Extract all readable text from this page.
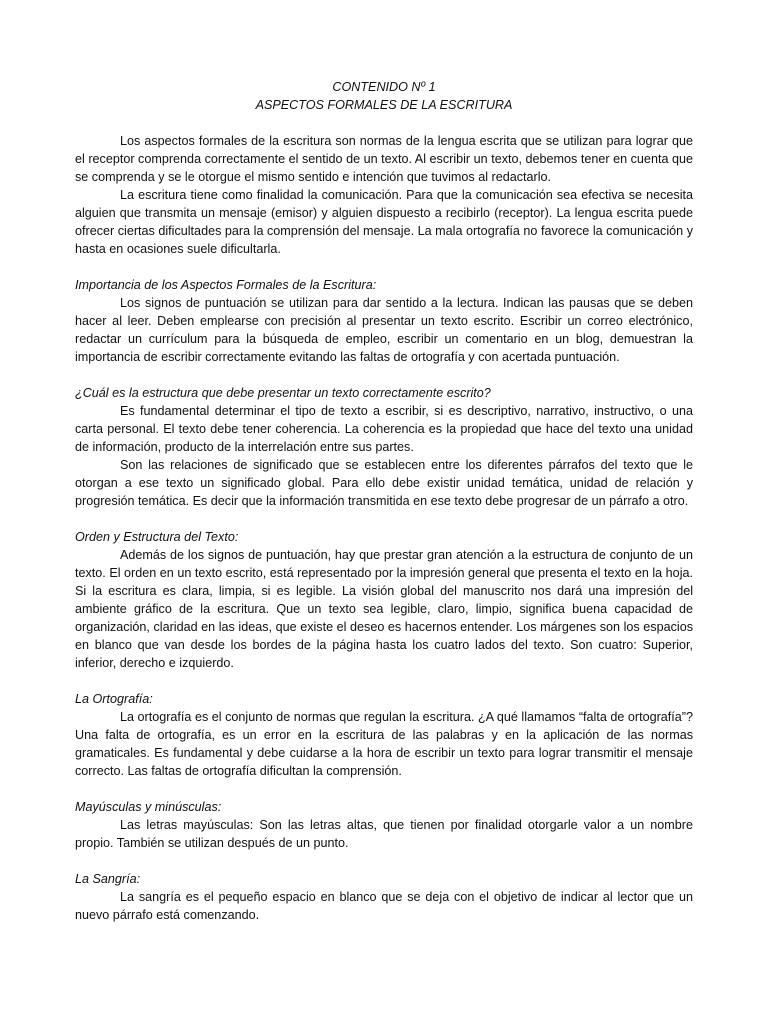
CONTENIDO Nº 1

ASPECTOS FORMALES DE LA ESCRITURA

Los aspectos formales de la escritura son normas de la lengua escrita que se utilizan para lograr que el receptor comprenda correctamente el sentido de un texto. Al escribir un texto, debemos tener en cuenta que se comprenda y se le otorgue el mismo sentido e intención que tuvimos al redactarlo.

La escritura tiene como finalidad la comunicación. Para que la comunicación sea efectiva se necesita alguien que transmita un mensaje (emisor) y alguien dispuesto a recibirlo (receptor). La lengua escrita puede ofrecer ciertas dificultades para la comprensión del mensaje. La mala ortografía no favorece la comunicación y hasta en ocasiones suele dificultarla.

Importancia de los Aspectos Formales de la Escritura:

Los signos de puntuación se utilizan para dar sentido a la lectura. Indican las pausas que se deben hacer al leer. Deben emplearse con precisión al presentar un texto escrito. Escribir un correo electrónico, redactar un currículum para la búsqueda de empleo, escribir un comentario en un blog, demuestran la importancia de escribir correctamente evitando las faltas de ortografía y con acertada puntuación.

¿Cuál es la estructura que debe presentar un texto correctamente escrito?

Es fundamental determinar el tipo de texto a escribir, si es descriptivo, narrativo, instructivo, o una carta personal. El texto debe tener coherencia. La coherencia es la propiedad que hace del texto una unidad de información, producto de la interrelación entre sus partes.

Son las relaciones de significado que se establecen entre los diferentes párrafos del texto que le otorgan a ese texto un significado global. Para ello debe existir unidad temática, unidad de relación y progresión temática. Es decir que la información transmitida en ese texto debe progresar de un párrafo a otro.

Orden y Estructura del Texto:

Además de los signos de puntuación, hay que prestar gran atención a la estructura de conjunto de un texto. El orden en un texto escrito, está representado por la impresión general que presenta el texto en la hoja. Si la escritura es clara, limpia, si es legible. La visión global del manuscrito nos dará una impresión del ambiente gráfico de la escritura. Que un texto sea legible, claro, limpio, significa buena capacidad de organización, claridad en las ideas, que existe el deseo es hacernos entender. Los márgenes son los espacios en blanco que van desde los bordes de la página hasta los cuatro lados del texto. Son cuatro: Superior, inferior, derecho e izquierdo.

La Ortografía:

La ortografía es el conjunto de normas que regulan la escritura. ¿A qué llamamos “falta de ortografía”? Una falta de ortografía, es un error en la escritura de las palabras y en la aplicación de las normas gramaticales. Es fundamental y debe cuidarse a la hora de escribir un texto para lograr transmitir el mensaje correcto. Las faltas de ortografía dificultan la comprensión.

Mayúsculas y minúsculas:

Las letras mayúsculas: Son las letras altas, que tienen por finalidad otorgarle valor a un nombre propio. También se utilizan después de un punto.

La Sangría:

La sangría es el pequeño espacio en blanco que se deja con el objetivo de indicar al lector que un nuevo párrafo está comenzando.
